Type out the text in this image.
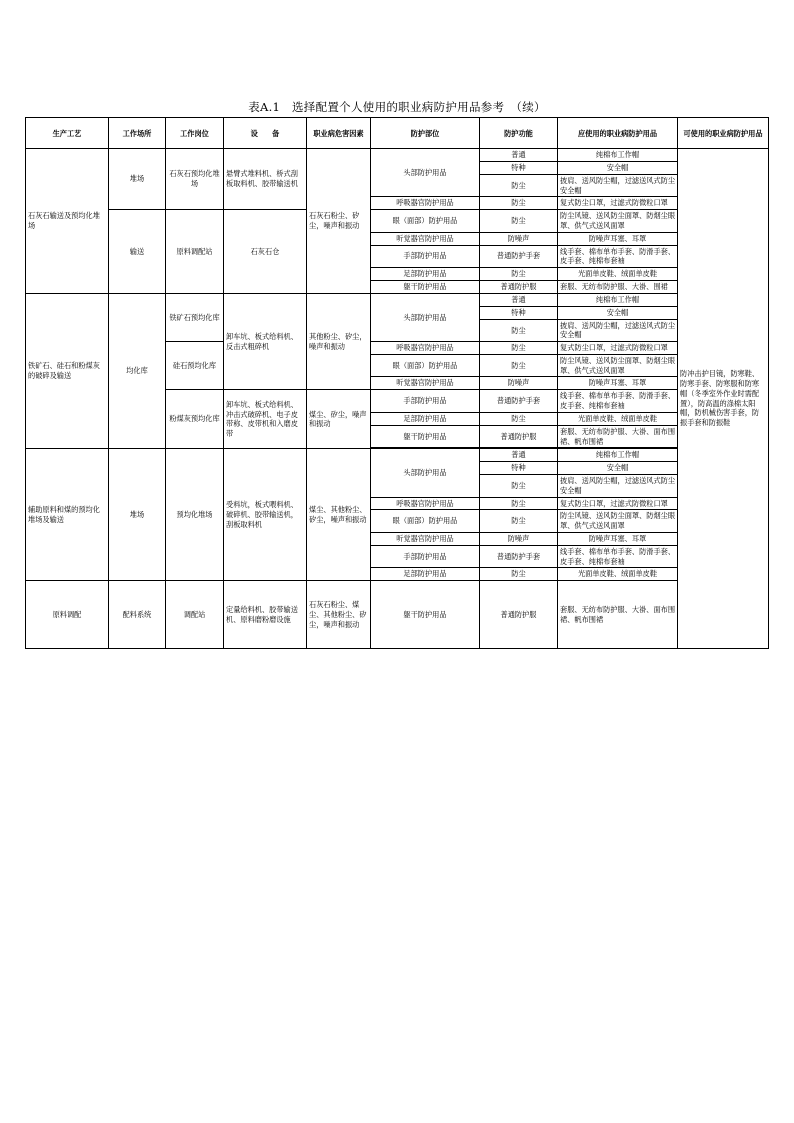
表A.1　选择配置个人使用的职业病防护用品参考　（续）
生产工艺	工作场所	工作岗位	设　　备	职业病危害因素	防护部位	防护功能	应使用的职业病防护用品	可使用的职业病防护用品
石灰石输送及预均化堆场	堆场	石灰石预均化堆场	悬臂式堆料机、桥式刮板取料机、胶带输送机	石灰石粉尘、矽尘，噪声和振动	头部防护用品	普通	纯棉布工作帽	防冲击护目镜，防寒鞋、防寒手套、防寒服和防寒帽（冬季室外作业时需配置），防高温的涤棉太阳帽，防机械伤害手套，防振手套和防振鞋
						特种	安全帽	
						防尘	披肩、送风防尘帽，过滤送风式防尘安全帽	
					呼吸器官防护用品	防尘	复式防尘口罩，过滤式防微粒口罩	
	输送	原料调配站	石灰石仓		眼（面部）防护用品	防尘	防尘风镜、送风防尘面罩、防烟尘眼罩、供气式送风面罩	
					听觉器官防护用品	防噪声	防噪声耳塞、耳罩	
					手部防护用品	普通防护手套	线手套、棉布单布手套、防滑手套、皮手套、纯棉布套袖	
					足部防护用品	防尘	光面单皮鞋、绒面单皮鞋	
					躯干防护用品	普通防护服	套服、无纺布防护服、大褂、围裙	

铁矿石、硅石和粉煤灰的破碎及输送	均化库	铁矿石预均化库	卸车坑、板式给料机、反击式粗碎机	其他粉尘、矽尘，噪声和振动	头部防护用品	普通	纯棉布工作帽	
						特种	安全帽	
						防尘	披肩、送风防尘帽，过滤送风式防尘安全帽	

		硅石预均化库			呼吸器官防护用品	防尘	复式防尘口罩，过滤式防微粒口罩	
					眼（面部）防护用品	防尘	防尘风镜、送风防尘面罩、防烟尘眼罩、供气式送风面罩	
					听觉器官防护用品	防噪声	防噪声耳塞、耳罩	
		粉煤灰预均化库	卸车坑、板式给料机、冲击式破碎机、电子皮带称、皮带机和入磨皮带	煤尘、矽尘，噪声和振动	手部防护用品	普通防护手套	线手套、棉布单布手套、防滑手套、皮手套、纯棉布套袖	
					足部防护用品	防尘	光面单皮鞋、绒面单皮鞋	
					躯干防护用品	普通防护服	套服、无纺布防护服、大褂、面布围裙、帆布围裙	

辅助原料和煤的预均化堆场及输送	堆场	预均化堆场	受料坑，板式喂料机、破碎机、胶带输送机，刮板取料机	煤尘、其他粉尘、矽尘，噪声和振动	头部防护用品	普通	纯棉布工作帽	
						特种	安全帽	
						防尘	披肩、送风防尘帽，过滤送风式防尘安全帽	
					呼吸器官防护用品	防尘	复式防尘口罩，过滤式防微粒口罩	
					眼（面部）防护用品	防尘	防尘风镜、送风防尘面罩、防烟尘眼罩、供气式送风面罩	
					听觉器官防护用品	防噪声	防噪声耳塞、耳罩	
					手部防护用品	普通防护手套	线手套、棉布单布手套、防滑手套、皮手套、纯棉布套袖	
					足部防护用品	防尘	光面单皮鞋、绒面单皮鞋	

原料调配	配料系统	调配站	定量给料机、胶带输送机、原料磨粉磨设施	石灰石粉尘、煤尘、其他粉尘、矽尘，噪声和振动	躯干防护用品	普通防护服	套服、无纺布防护服、大褂、面布围裙、帆布围裙	
